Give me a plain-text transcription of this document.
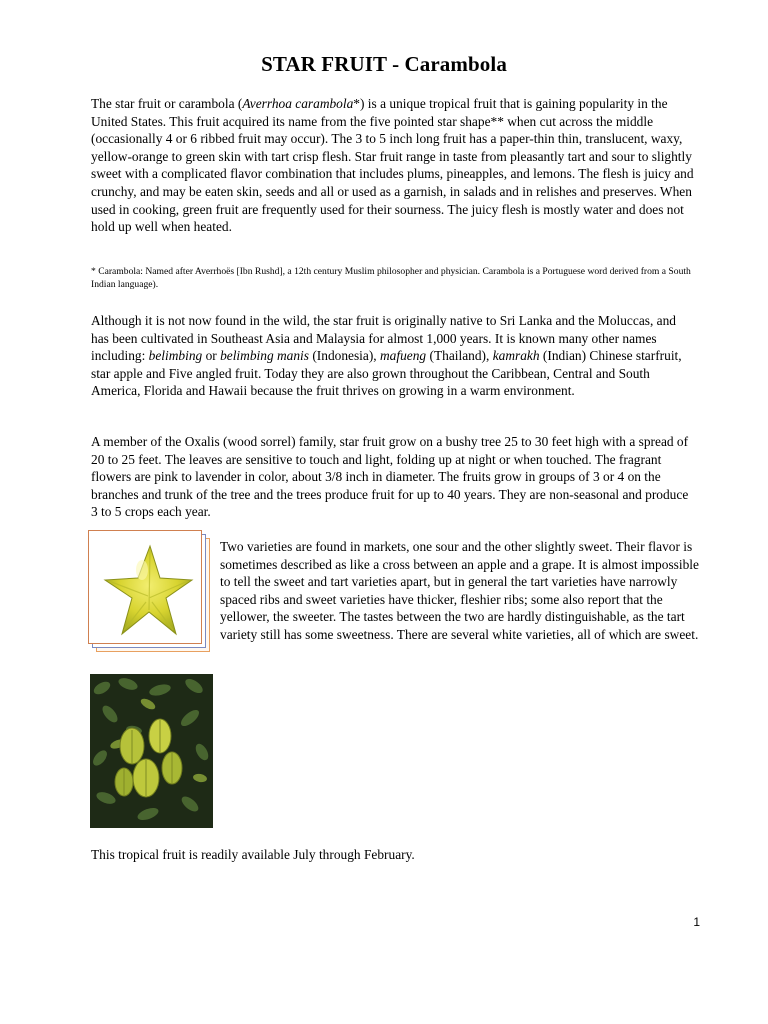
STAR FRUIT - Carambola

The star fruit or carambola (Averrhoa carambola*) is a unique tropical fruit that is gaining popularity in the United States. This fruit acquired its name from the five pointed star shape** when cut across the middle (occasionally 4 or 6 ribbed fruit may occur). The 3 to 5 inch long fruit has a paper-thin thin, translucent, waxy, yellow-orange to green skin with tart crisp flesh. Star fruit range in taste from pleasantly tart and sour to slightly sweet with a complicated flavor combination that includes plums, pineapples, and lemons. The flesh is juicy and crunchy, and may be eaten skin, seeds and all or used as a garnish, in salads and in relishes and preserves. When used in cooking, green fruit are frequently used for their sourness. The juicy flesh is mostly water and does not hold up well when heated.

* Carambola: Named after Averrhoës [Ibn Rushd], a 12th century Muslim philosopher and physician. Carambola is a Portuguese word derived from a South Indian language).

Although it is not now found in the wild, the star fruit is originally native to Sri Lanka and the Moluccas, and has been cultivated in Southeast Asia and Malaysia for almost 1,000 years. It is known many other names including: belimbing or belimbing manis (Indonesia), mafueng (Thailand), kamrakh (Indian) Chinese starfruit, star apple and Five angled fruit. Today they are also grown throughout the Caribbean, Central and South America, Florida and Hawaii because the fruit thrives on growing in a warm environment.

A member of the Oxalis (wood sorrel) family, star fruit grow on a bushy tree 25 to 30 feet high with a spread of 20 to 25 feet. The leaves are sensitive to touch and light, folding up at night or when touched. The fragrant flowers are pink to lavender in color, about 3/8 inch in diameter. The fruits grow in groups of 3 or 4 on the branches and trunk of the tree and the trees produce fruit for up to 40 years. They are non-seasonal and produce 3 to 5 crops each year.

Two varieties are found in markets, one sour and the other slightly sweet. Their flavor is sometimes described as like a cross between an apple and a grape. It is almost impossible to tell the sweet and tart varieties apart, but in general the tart varieties have narrowly spaced ribs and sweet varieties have thicker, fleshier ribs; some also report that the yellower, the sweeter. The tastes between the two are hardly distinguishable, as the tart variety still has some sweetness. There are several white varieties, all of which are sweet.

This tropical fruit is readily available July through February.

1
